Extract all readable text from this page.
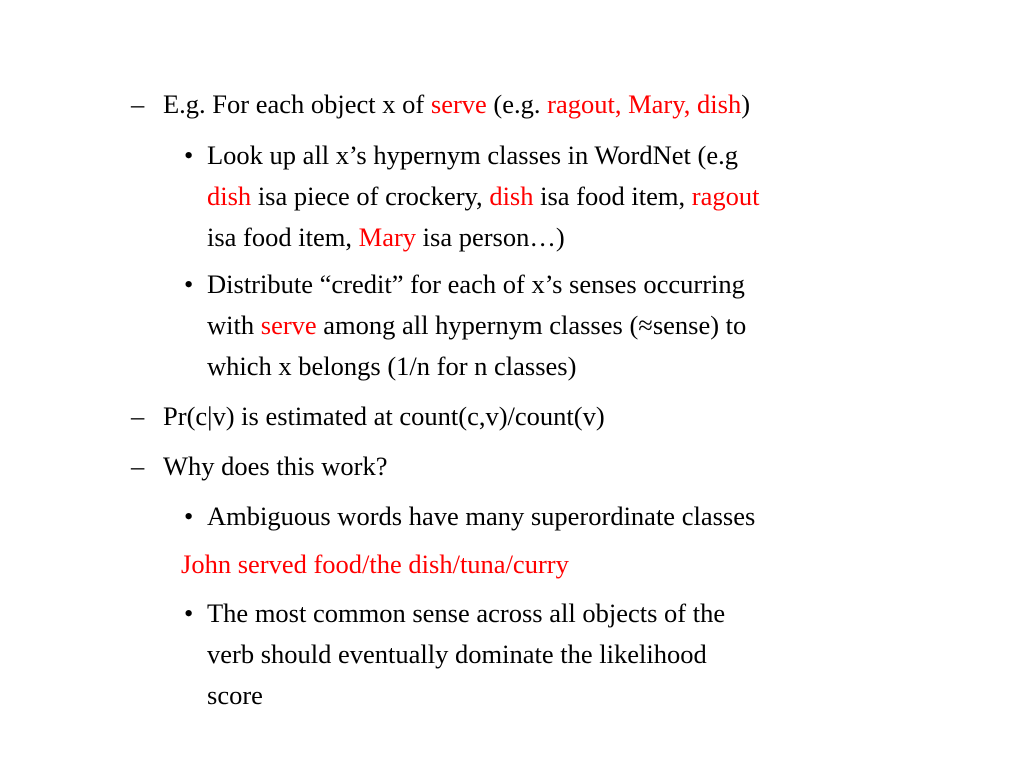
– E.g. For each object x of serve (e.g. ragout, Mary, dish)
• Look up all x’s hypernym classes in WordNet (e.g
dish isa piece of crockery, dish isa food item, ragout
isa food item, Mary isa person…)
• Distribute “credit” for each of x’s senses occurring
with serve among all hypernym classes (≈sense) to
which x belongs (1/n for n classes)
– Pr(c|v) is estimated at count(c,v)/count(v)
– Why does this work?
• Ambiguous words have many superordinate classes
John served food/the dish/tuna/curry
• The most common sense across all objects of the
verb should eventually dominate the likelihood
score
